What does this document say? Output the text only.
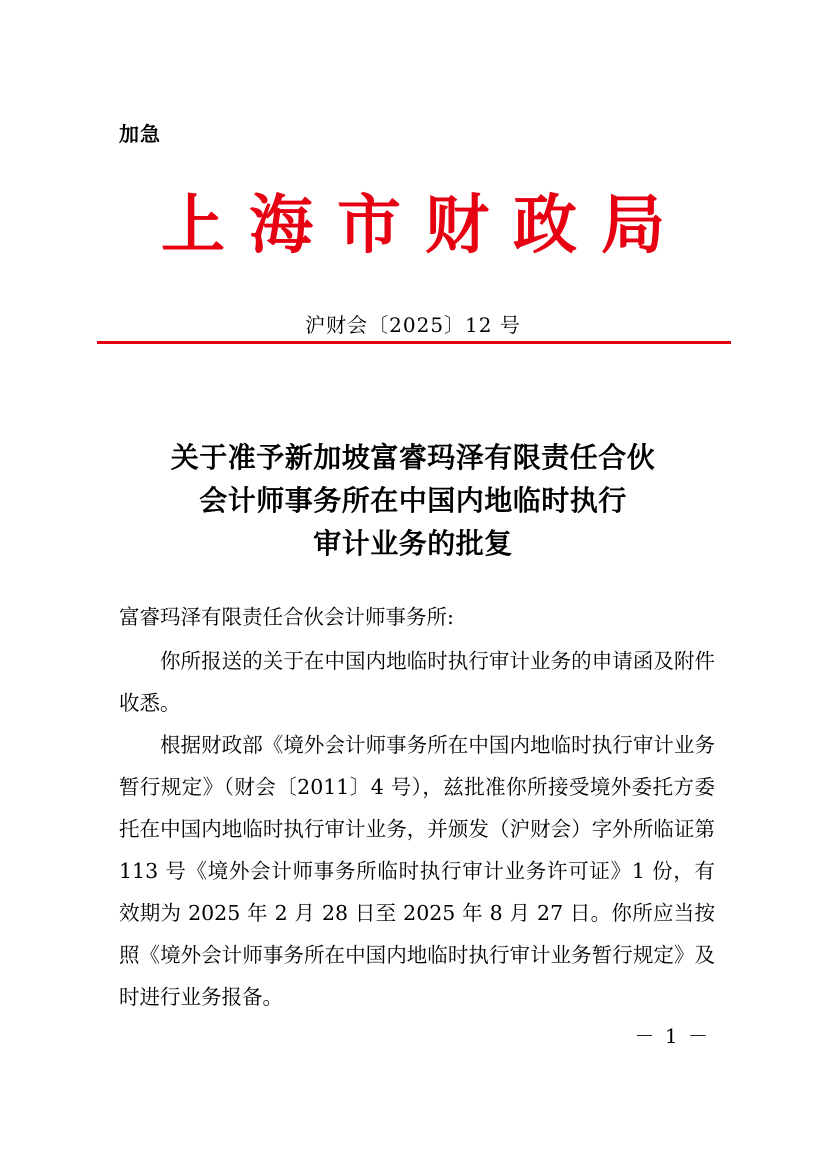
加急
上海市财政局
沪财会〔2025〕12 号
关于准予新加坡富睿玛泽有限责任合伙
会计师事务所在中国内地临时执行
审计业务的批复
富睿玛泽有限责任合伙会计师事务所:

你所报送的关于在中国内地临时执行审计业务的申请函及附件收悉。

根据财政部《境外会计师事务所在中国内地临时执行审计业务暂行规定》（财会〔2011〕4 号），兹批准你所接受境外委托方委托在中国内地临时执行审计业务，并颁发（沪财会）字外所临证第 113 号《境外会计师事务所临时执行审计业务许可证》1 份，有效期为 2025 年 2 月 28 日至 2025 年 8 月 27 日。你所应当按照《境外会计师事务所在中国内地临时执行审计业务暂行规定》及时进行业务报备。

－ 1 －
